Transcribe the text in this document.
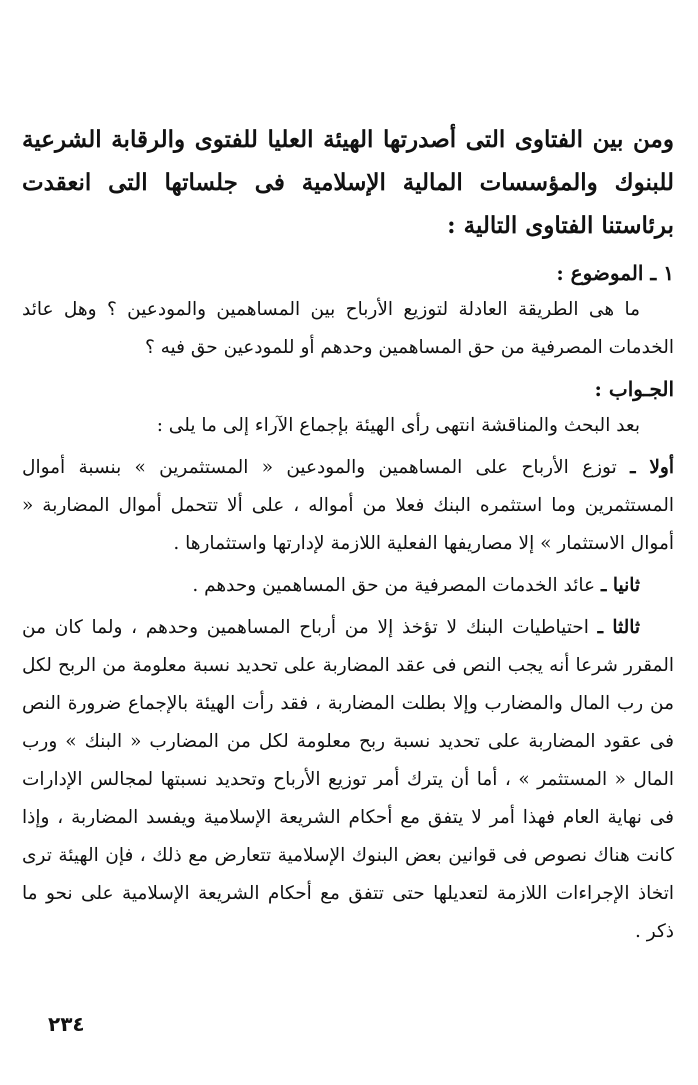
ومن بين الفتاوى التى أصدرتها الهيئة العليا للفتوى والرقابة الشرعية للبنوك والمؤسسات المالية الإسلامية فى جلساتها التى انعقدت برئاستنا الفتاوى التالية :

١ ـ الموضوع :

ما هى الطريقة العادلة لتوزيع الأرباح بين المساهمين والمودعين ؟ وهل عائد الخدمات المصرفية من حق المساهمين وحدهم أو للمودعين حق فيه ؟

الجـواب :

بعد البحث والمناقشة انتهى رأى الهيئة بإجماع الآراء إلى ما يلى :

أولا ـ توزع الأرباح على المساهمين والمودعين « المستثمرين » بنسبة أموال المستثمرين وما استثمره البنك فعلا من أمواله ، على ألا تتحمل أموال المضاربة « أموال الاستثمار » إلا مصاريفها الفعلية اللازمة لإدارتها واستثمارها .

ثانيا ـ عائد الخدمات المصرفية من حق المساهمين وحدهم .

ثالثا ـ احتياطيات البنك لا تؤخذ إلا من أرباح المساهمين وحدهم ، ولما كان من المقرر شرعا أنه يجب النص فى عقد المضاربة على تحديد نسبة معلومة من الربح لكل من رب المال والمضارب وإلا بطلت المضاربة ، فقد رأت الهيئة بالإجماع ضرورة النص فى عقود المضاربة على تحديد نسبة ربح معلومة لكل من المضارب « البنك » ورب المال « المستثمر » ، أما أن يترك أمر توزيع الأرباح وتحديد نسبتها لمجالس الإدارات فى نهاية العام فهذا أمر لا يتفق مع أحكام الشريعة الإسلامية ويفسد المضاربة ، وإذا كانت هناك نصوص فى قوانين بعض البنوك الإسلامية تتعارض مع ذلك ، فإن الهيئة ترى اتخاذ الإجراءات اللازمة لتعديلها حتى تتفق مع أحكام الشريعة الإسلامية على نحو ما ذكر .

٢٣٤
